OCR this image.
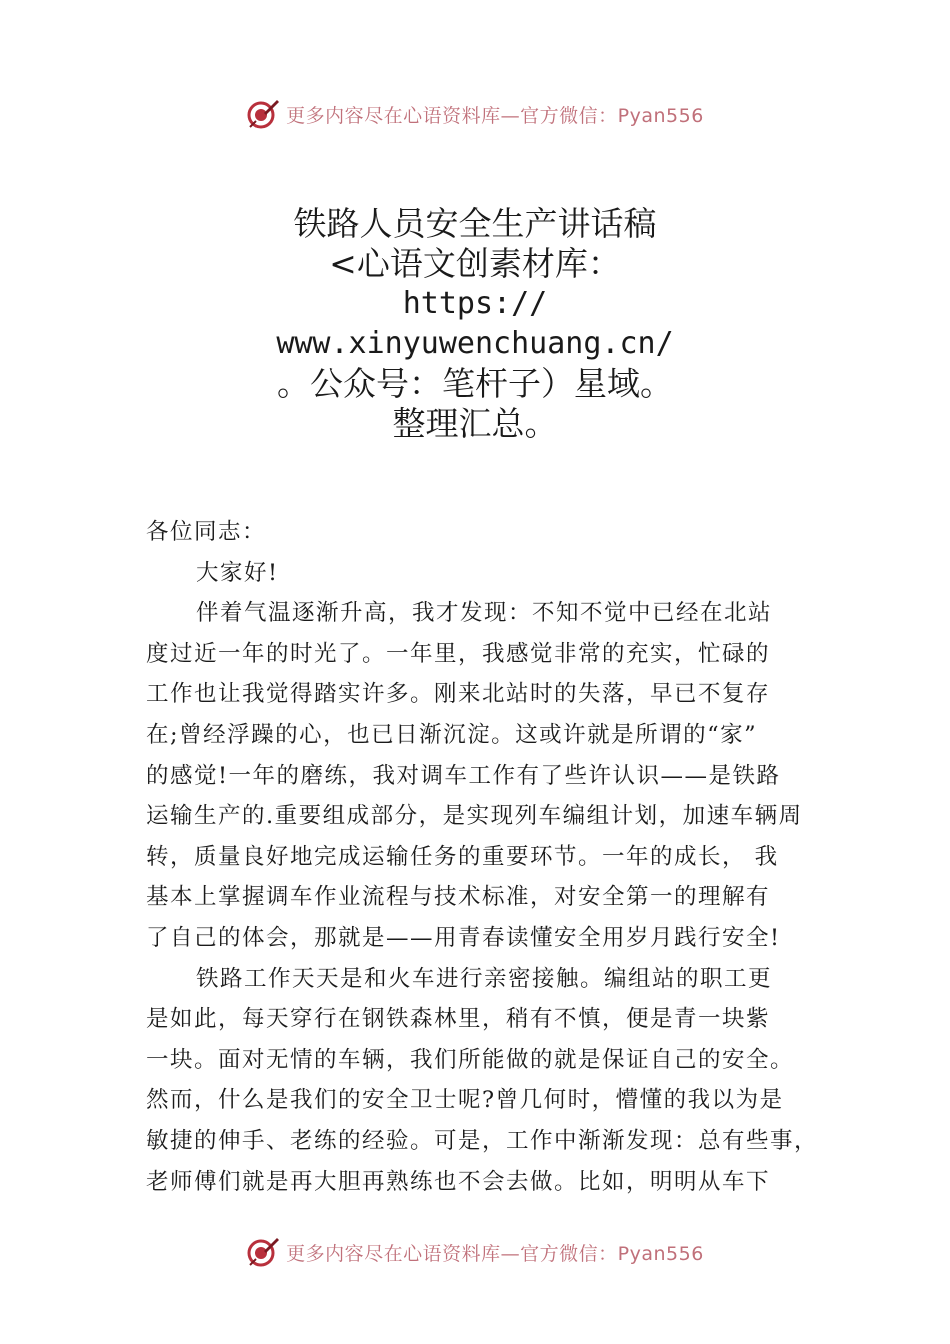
更多内容尽在心语资料库—官方微信：Pyan556
铁路人员安全生产讲话稿
<心语文创素材库：
https://
www.xinyuwenchuang.cn/
。公众号：笔杆子）星域。
整理汇总。
各位同志：
大家好!
伴着气温逐渐升高，我才发现：不知不觉中已经在北站
度过近一年的时光了。一年里，我感觉非常的充实，忙碌的
工作也让我觉得踏实许多。刚来北站时的失落，早已不复存
在;曾经浮躁的心，也已日渐沉淀。这或许就是所谓的“家”
的感觉!一年的磨练，我对调车工作有了些许认识——是铁路
运输生产的.重要组成部分，是实现列车编组计划，加速车辆周
转，质量良好地完成运输任务的重要环节。一年的成长， 我
基本上掌握调车作业流程与技术标准，对安全第一的理解有
了自己的体会，那就是——用青春读懂安全用岁月践行安全!
铁路工作天天是和火车进行亲密接触。编组站的职工更
是如此，每天穿行在钢铁森林里，稍有不慎，便是青一块紫
一块。面对无情的车辆，我们所能做的就是保证自己的安全。
然而，什么是我们的安全卫士呢?曾几何时，懵懂的我以为是
敏捷的伸手、老练的经验。可是，工作中渐渐发现：总有些事，
老师傅们就是再大胆再熟练也不会去做。比如，明明从车下
更多内容尽在心语资料库—官方微信：Pyan556
